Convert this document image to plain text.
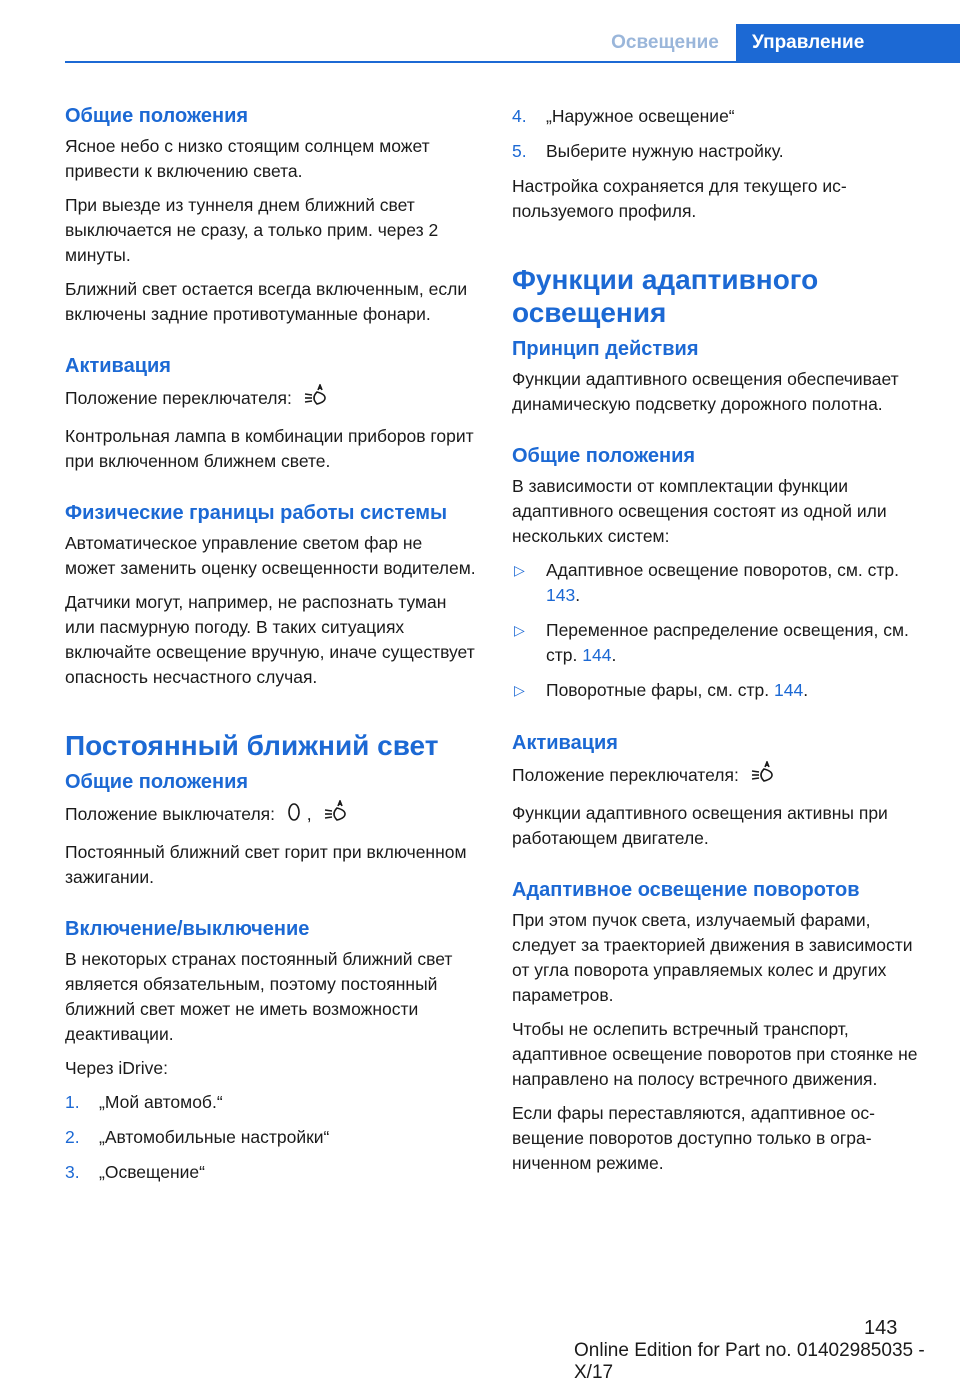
Освещение	Управление
Общие положения

Ясное небо с низко стоящим солнцем может привести к включению света.

При выезде из туннеля днем ближний свет выключается не сразу, а только прим. через 2 минуты.

Ближний свет остается всегда включенным, если включены задние противотуманные фонари.

Активация

Положение переключателя:

Контрольная лампа в комбинации приборов горит при включенном ближнем свете.

Физические границы работы системы

Автоматическое управление светом фар не может заменить оценку освещенности водителем.

Датчики могут, например, не распознать туман или пасмурную погоду. В таких ситуациях включайте освещение вручную, иначе существует опасность несчастного случая.

Постоянный ближний свет
Общие положения

Положение выключателя: ,

Постоянный ближний свет горит при включенном зажигании.

Включение/выключение

В некоторых странах постоянный ближний свет является обязательным, поэтому постоянный ближний свет может не иметь возможности деактивации.

Через iDrive:

1. „Мой автомоб.“
2. „Автомобильные настройки“
3. „Освещение“
4. „Наружное освещение“
5. Выберите нужную настройку.

Настройка сохраняется для текущего используемого профиля.

Функции адаптивного освещения
Принцип действия

Функции адаптивного освещения обеспечивает динамическую подсветку дорожного полотна.

Общие положения

В зависимости от комплектации функции адаптивного освещения состоят из одной или нескольких систем:

▷ Адаптивное освещение поворотов, см. стр. 143.
▷ Переменное распределение освещения, см. стр. 144.
▷ Поворотные фары, см. стр. 144.
Активация

Положение переключателя:

Функции адаптивного освещения активны при работающем двигателе.

Адаптивное освещение поворотов

При этом пучок света, излучаемый фарами, следует за траекторией движения в зависимости от угла поворота управляемых колес и других параметров.

Чтобы не ослепить встречный транспорт, адаптивное освещение поворотов при стоянке не направлено на полосу встречного движения.

Если фары переставляются, адаптивное освещение поворотов доступно только в ограниченном режиме.

143
Online Edition for Part no. 01402985035 - X/17
